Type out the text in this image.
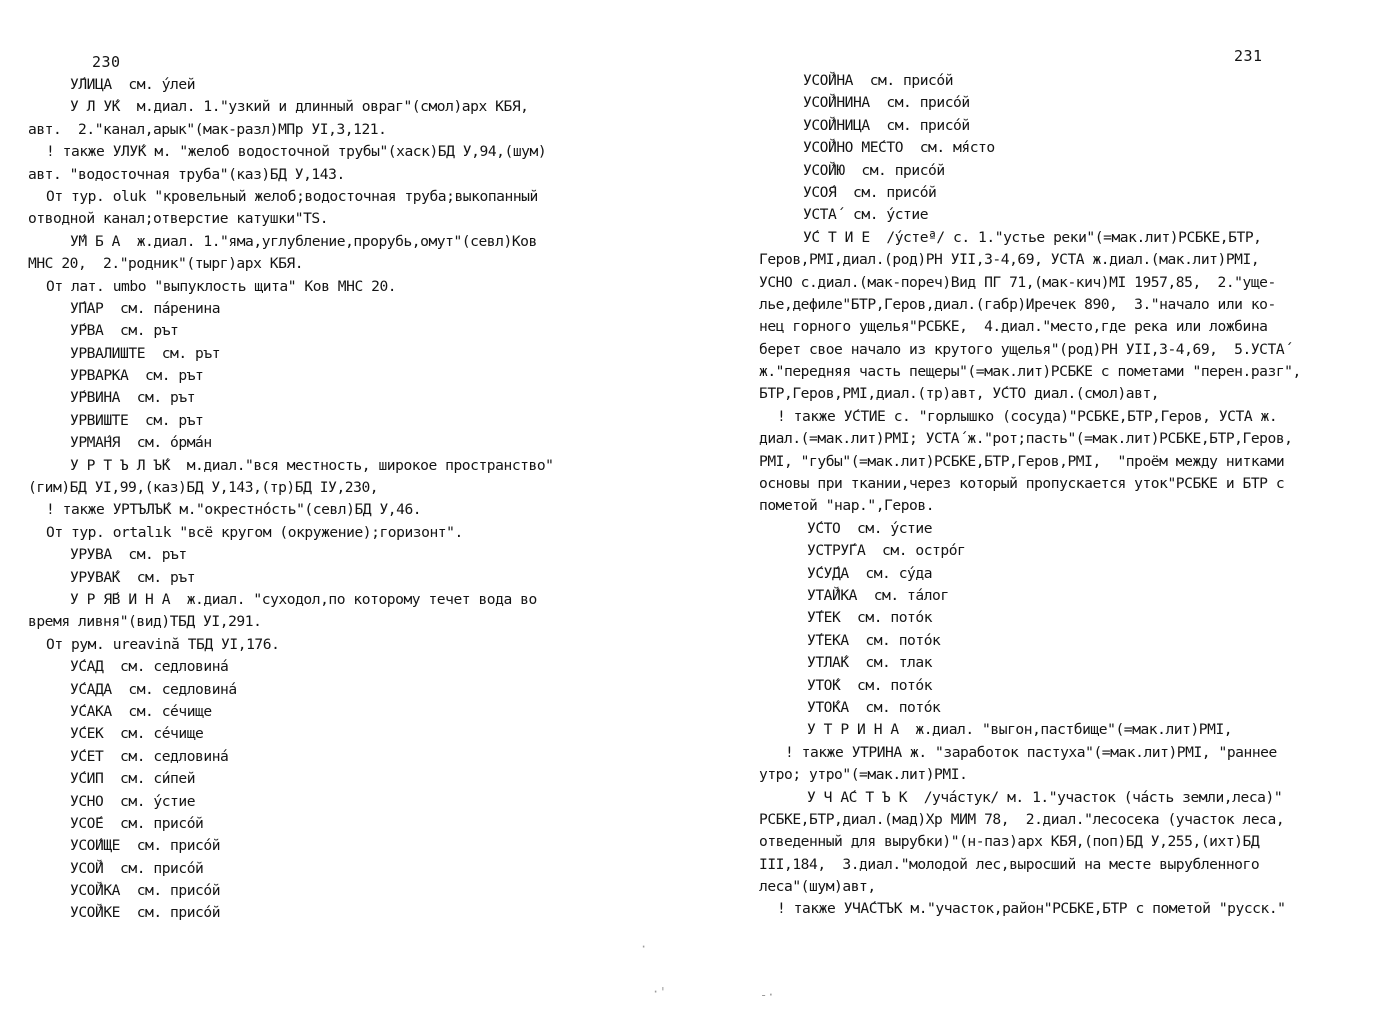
230
У́ЛИЦА  см. у́лей
У Л У́К  м.диал. 1."узкий и длинный овраг"(смол)арх КБЯ,
авт.  2."канал,арык"(мак-разл)МПр УI,3,121.
! также УЛУ́К м. "желоб водосточной трубы"(хаск)БД У,94,(шум)
авт. "водосточная труба"(каз)БД У,143.
От тур. oluk "кровельный желоб;водосточная труба;выкопанный
отводной канал;отверстие катушки"TS.
У́М Б А  ж.диал. 1."яма,углубление,прорубь,омут"(севл)Ков
МНС 20,  2."родник"(тырг)арх КБЯ.
От лат. umbo "выпуклость щита" Ков МНС 20.
У́ПАР  см. па́ренина
У́РВА  см. рът
УРВАЛИШТЕ  см. рът
УРВАРКА  см. рът
У́РВИНА  см. рът
УРВИШТЕ  см. рът
УРМА́НЯ  см. о́рма́н
У Р Т Ъ Л Ъ́К  м.диал."вся местность, широкое пространство"
(гим)БД УI,99,(каз)БД У,143,(тр)БД IУ,230,
! также УРТЪЛЪ́К м."окрестно́сть"(севл)БД У,46.
От тур. ortalık "всё кругом (окружение);горизонт".
УРУВА  см. рът
УРУВА́К  см. рът
У Р Я́В И Н А  ж.диал. "суходол,по которому течет вода во
время ливня"(вид)ТБД УI,291.
От рум. ureavină ТБД УI,176.
У́САД  см. седловина́
У́САДА  см. седловина́
У́САКА  см. се́чище
У́СЕК  см. се́чище
У́СЕТ  см. седловина́
У́СИП  см. си́пей
УСНО  см. у́стие
УСО́Е  см. присо́й
УСО́ИЩЕ  см. присо́й
УСО́Й  см. присо́й
УСО́ЙКА  см. присо́й
УСО́ЙКЕ  см. присо́й
231
УСО́ЙНА  см. присо́й
УСО́ЙНИНА  см. присо́й
УСО́ЙНИЦА  см. присо́й
УСО́ЙНО МЕ́СТО  см. мя́сто
УСО́ЙЮ  см. присо́й
УСО́Я  см. присо́й
УСТА́  см. у́стие
У́С Т И Е  /у́стеª/ с. 1."устье реки"(=мак.лит)РСБКЕ,БТР,
Геров,РМI,диал.(род)РН УII,3-4,69, УСТА ж.диал.(мак.лит)РМI,
УСНО с.диал.(мак-пореч)Вид ПГ 71,(мак-кич)МI 1957,85,  2."уще-
лье,дефиле"БТР,Геров,диал.(габр)Иречек 890,  3."начало или ко-
нец горного ущелья"РСБКЕ,  4.диал."место,где река или ложбина
берет свое начало из крутого ущелья"(род)РН УII,3-4,69,  5.УСТА́
ж."передняя часть пещеры"(=мак.лит)РСБКЕ с пометами "перен.разг",
БТР,Геров,РМI,диал.(тр)авт, У́СТО диал.(смол)авт,
! также У́СТИЕ с. "горлышко (сосуда)"РСБКЕ,БТР,Геров, УСТА ж.
диал.(=мак.лит)РМI; УСТА́ ж."рот;пасть"(=мак.лит)РСБКЕ,БТР,Геров,
РМI, "губы"(=мак.лит)РСБКЕ,БТР,Геров,РМI,  "проём между нитками
основы при ткании,через который пропускается уток"РСБКЕ и БТР с
пометой "нар.",Геров.
У́СТО  см. у́стие
УСТРУ́ГА  см. остро́г
У́СУ́ДА  см. су́да
УТА́ЙКА  см. та́лог
У́ТЕК  см. пото́к
У́ТЕКА  см. пото́к
УТЛА́К  см. тлак
УТО́К  см. пото́к
УТО́КА  см. пото́к
У Т Р И Н А  ж.диал. "выгон,пастбище"(=мак.лит)РМI,
! также УТРИНА ж. "заработок пастуха"(=мак.лит)РМI, "раннее
утро; утро"(=мак.лит)РМI.
У Ч А́С Т Ъ К  /уча́стук/ м. 1."участок (ча́сть земли,леса)"
РСБКЕ,БТР,диал.(мад)Хр МИМ 78,  2.диал."лесосека (участок леса,
отведенный для вырубки)"(н-паз)арх КБЯ,(поп)БД У,255,(ихт)БД
III,184,  3.диал."молодой лес,выросший на месте вырубленного
леса"(шум)авт,
! также УЧА́СТЪК м."участок,район"РСБКЕ,БТР с пометой "русск."
·
·'	-·
